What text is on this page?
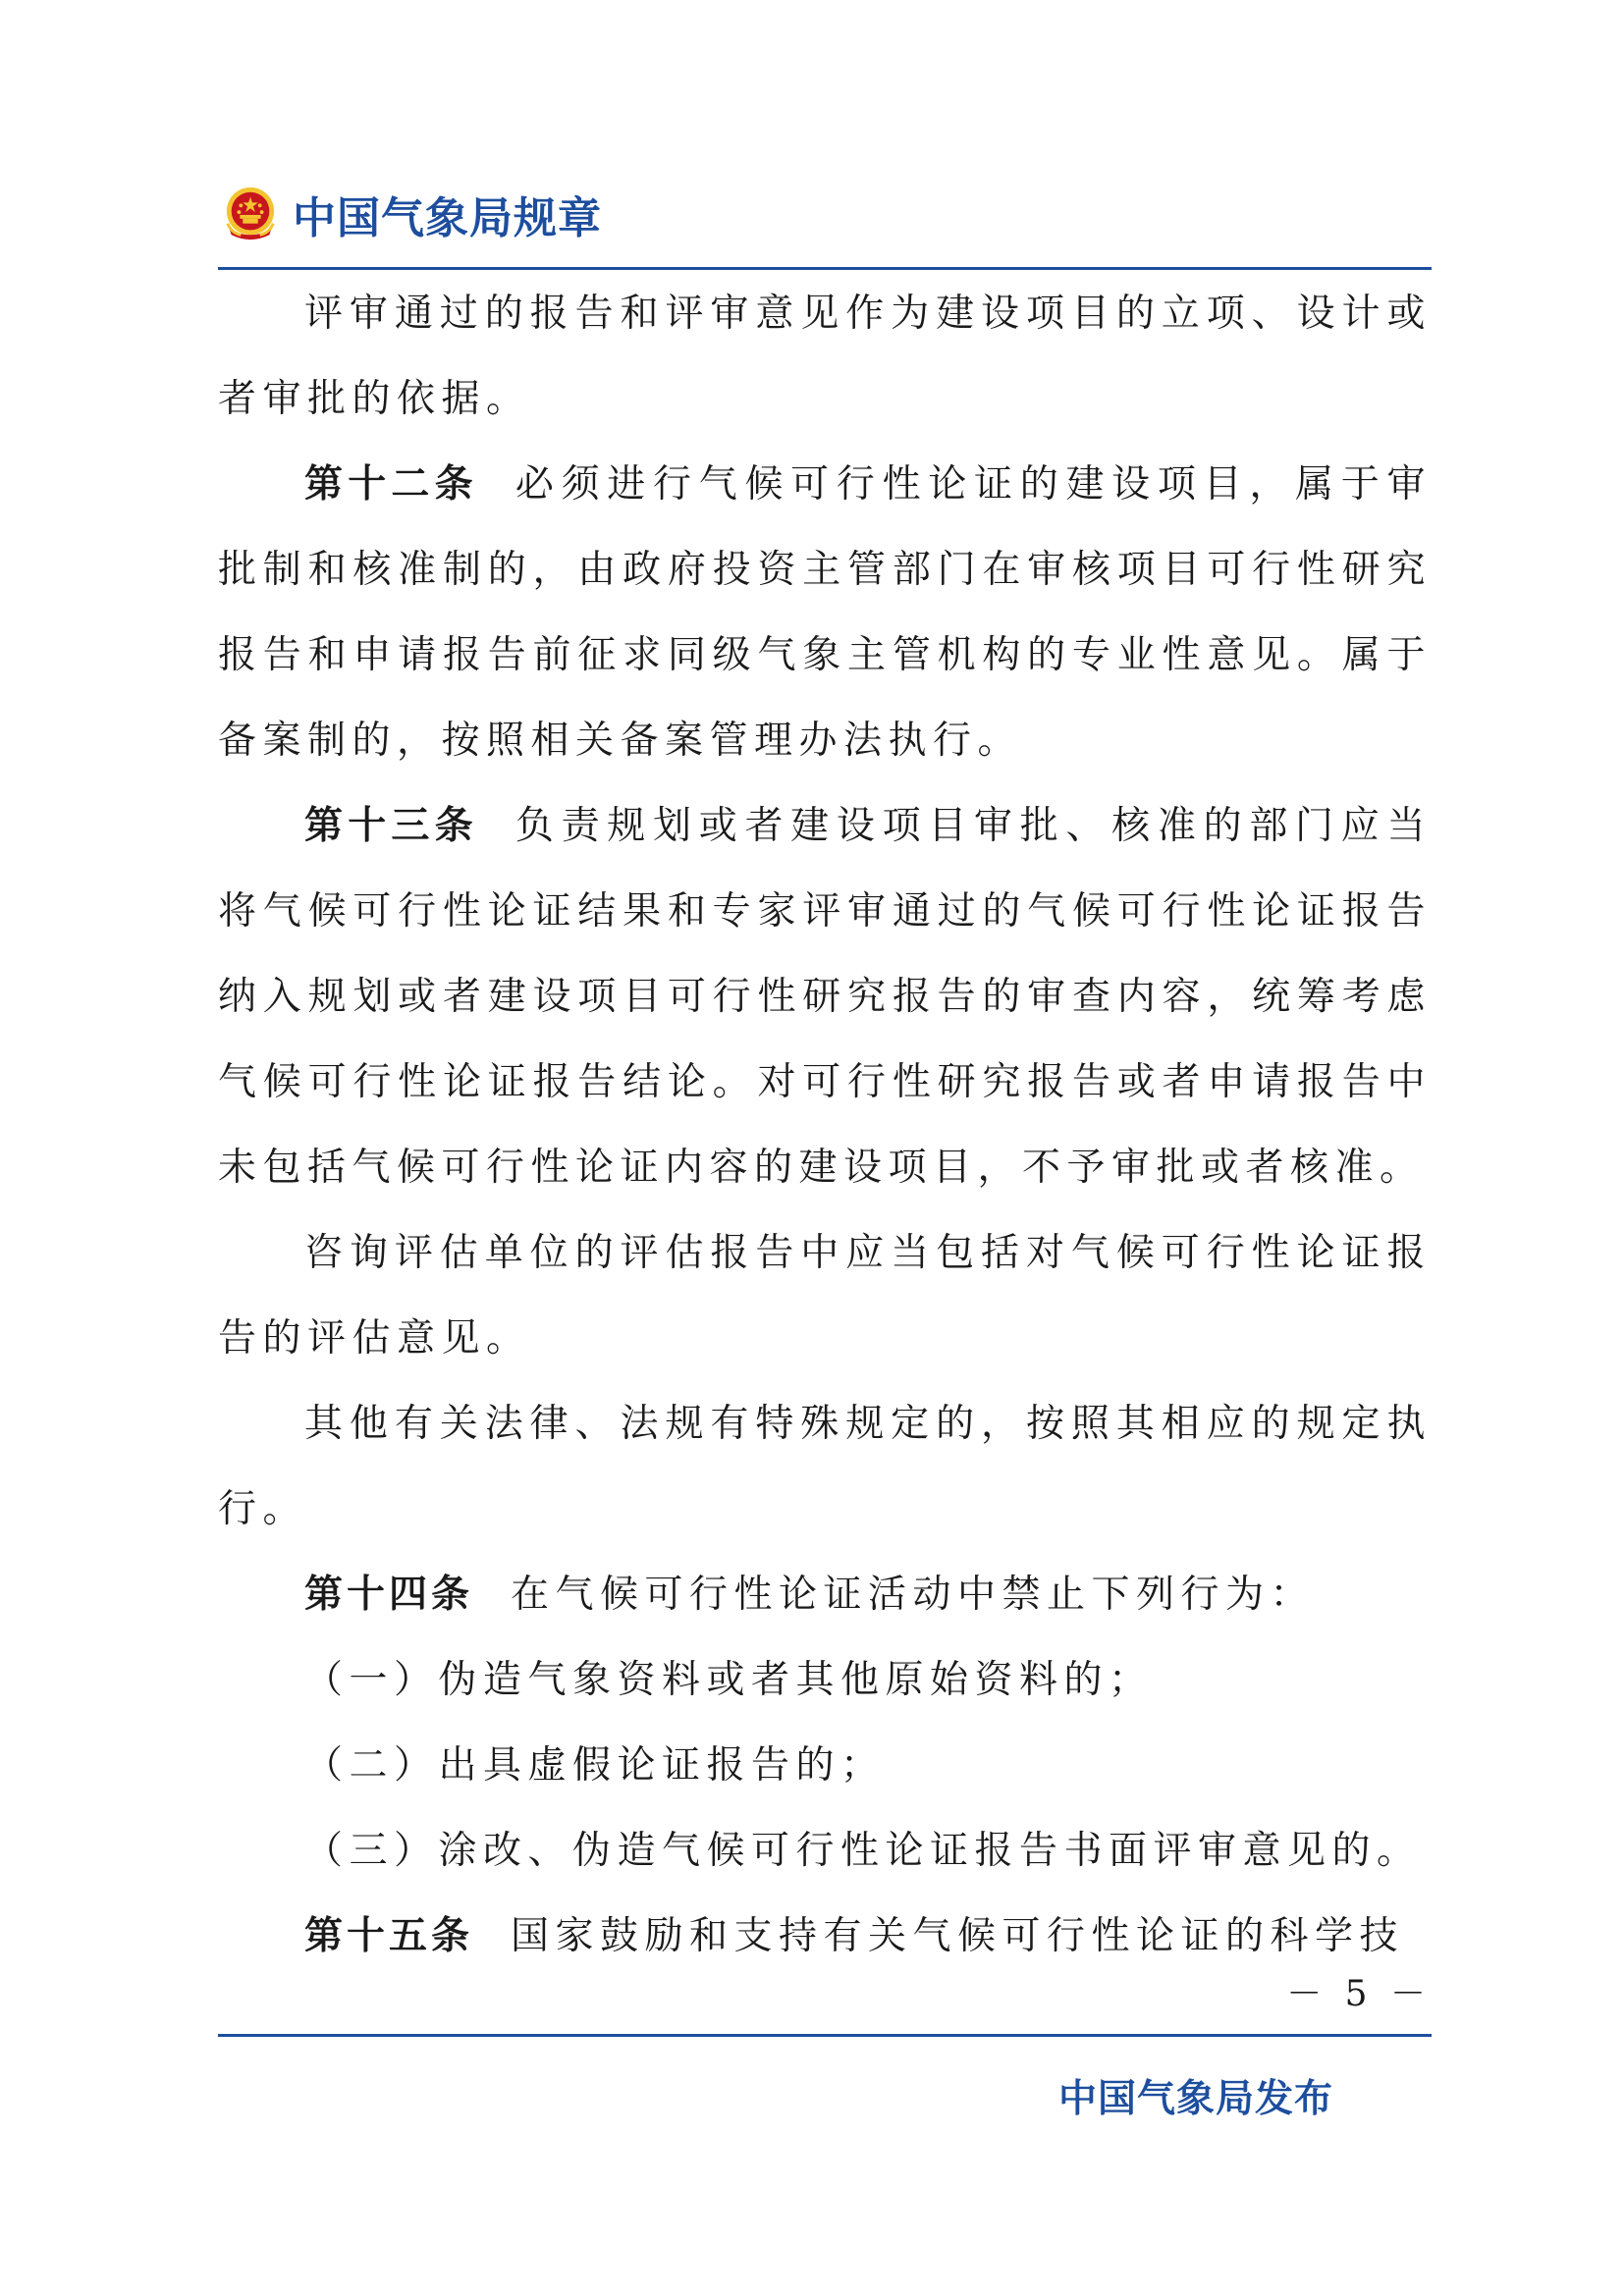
中国气象局规章

评审通过的报告和评审意见作为建设项目的立项、设计或者审批的依据。

第十二条 必须进行气候可行性论证的建设项目，属于审批制和核准制的，由政府投资主管部门在审核项目可行性研究报告和申请报告前征求同级气象主管机构的专业性意见。属于备案制的，按照相关备案管理办法执行。

第十三条 负责规划或者建设项目审批、核准的部门应当将气候可行性论证结果和专家评审通过的气候可行性论证报告纳入规划或者建设项目可行性研究报告的审查内容，统筹考虑气候可行性论证报告结论。对可行性研究报告或者申请报告中未包括气候可行性论证内容的建设项目，不予审批或者核准。

咨询评估单位的评估报告中应当包括对气候可行性论证报告的评估意见。

其他有关法律、法规有特殊规定的，按照其相应的规定执行。

第十四条 在气候可行性论证活动中禁止下列行为：

（一）伪造气象资料或者其他原始资料的；

（二）出具虚假论证报告的；

（三）涂改、伪造气候可行性论证报告书面评审意见的。

第十五条 国家鼓励和支持有关气候可行性论证的科学技

－ 5 －
中国气象局发布
